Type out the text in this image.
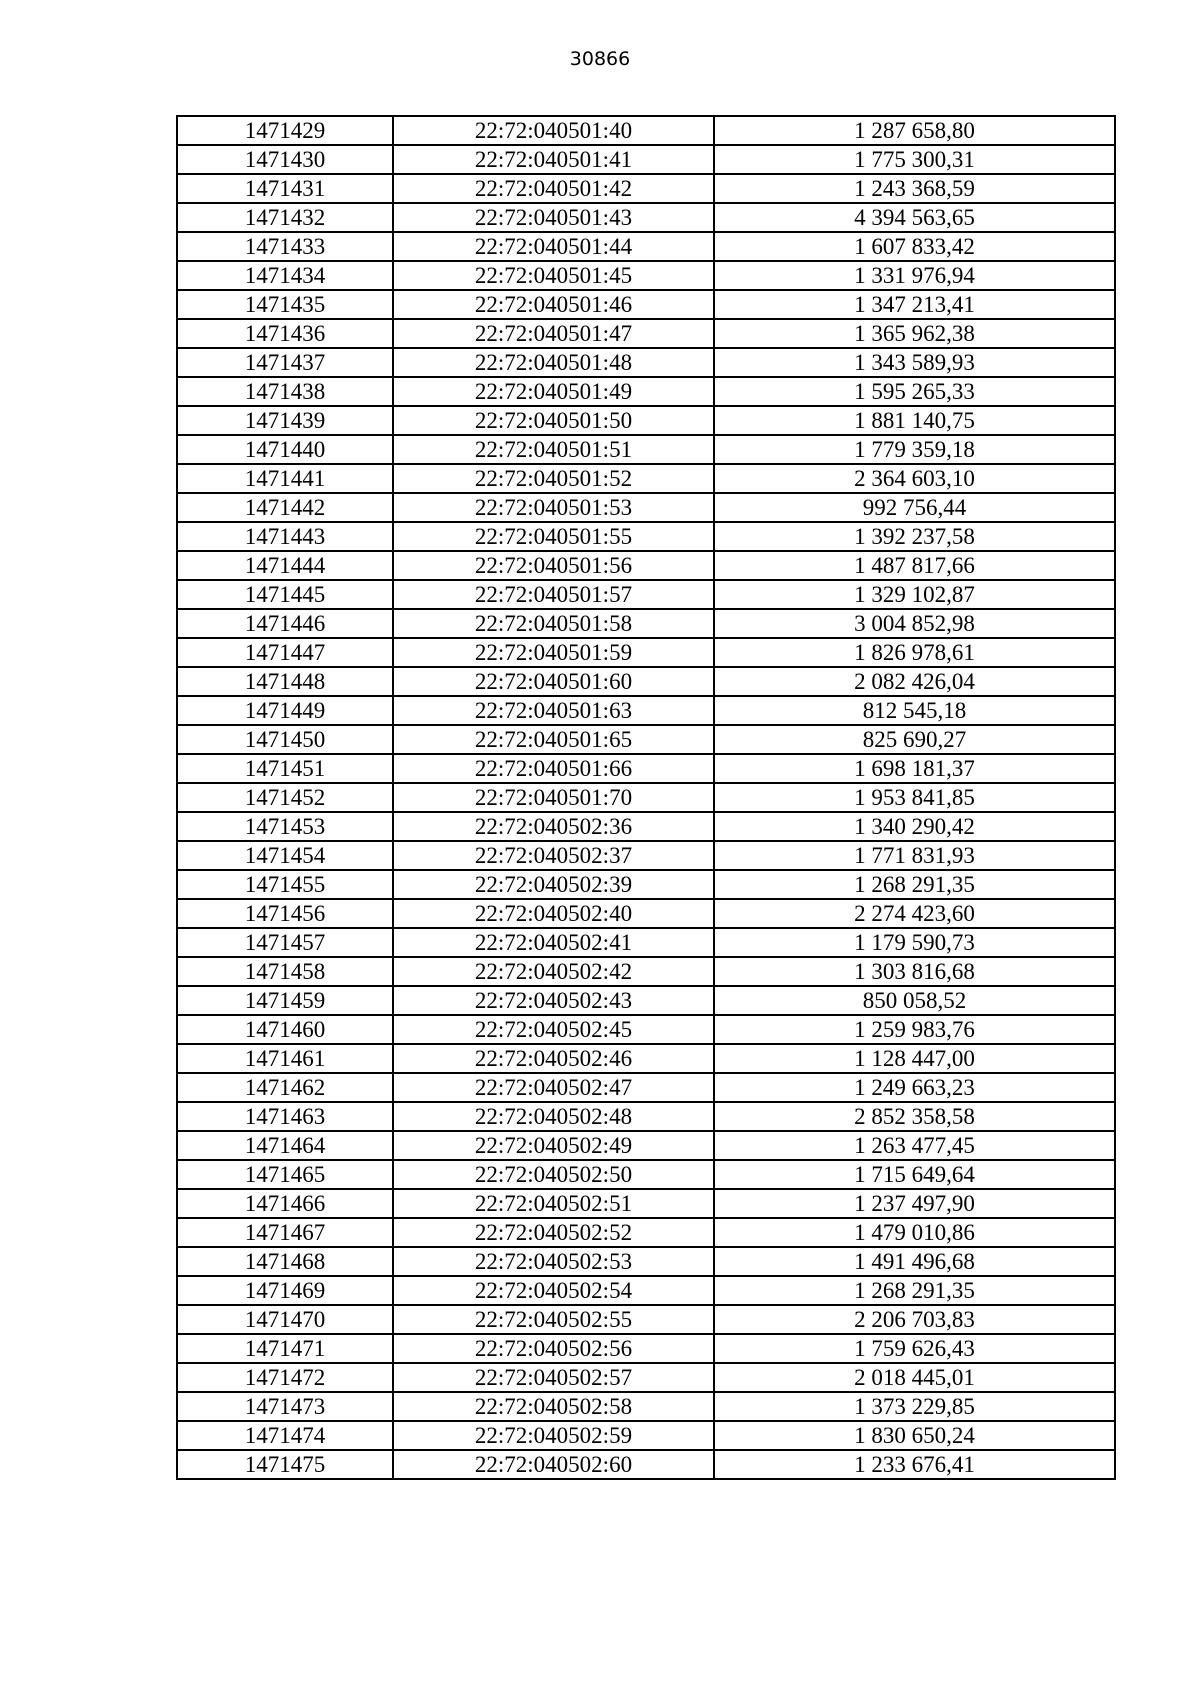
30866
1471429	22:72:040501:40	1 287 658,80
1471430	22:72:040501:41	1 775 300,31
1471431	22:72:040501:42	1 243 368,59
1471432	22:72:040501:43	4 394 563,65
1471433	22:72:040501:44	1 607 833,42
1471434	22:72:040501:45	1 331 976,94
1471435	22:72:040501:46	1 347 213,41
1471436	22:72:040501:47	1 365 962,38
1471437	22:72:040501:48	1 343 589,93
1471438	22:72:040501:49	1 595 265,33
1471439	22:72:040501:50	1 881 140,75
1471440	22:72:040501:51	1 779 359,18
1471441	22:72:040501:52	2 364 603,10
1471442	22:72:040501:53	992 756,44
1471443	22:72:040501:55	1 392 237,58
1471444	22:72:040501:56	1 487 817,66
1471445	22:72:040501:57	1 329 102,87
1471446	22:72:040501:58	3 004 852,98
1471447	22:72:040501:59	1 826 978,61
1471448	22:72:040501:60	2 082 426,04
1471449	22:72:040501:63	812 545,18
1471450	22:72:040501:65	825 690,27
1471451	22:72:040501:66	1 698 181,37
1471452	22:72:040501:70	1 953 841,85
1471453	22:72:040502:36	1 340 290,42
1471454	22:72:040502:37	1 771 831,93
1471455	22:72:040502:39	1 268 291,35
1471456	22:72:040502:40	2 274 423,60
1471457	22:72:040502:41	1 179 590,73
1471458	22:72:040502:42	1 303 816,68
1471459	22:72:040502:43	850 058,52
1471460	22:72:040502:45	1 259 983,76
1471461	22:72:040502:46	1 128 447,00
1471462	22:72:040502:47	1 249 663,23
1471463	22:72:040502:48	2 852 358,58
1471464	22:72:040502:49	1 263 477,45
1471465	22:72:040502:50	1 715 649,64
1471466	22:72:040502:51	1 237 497,90
1471467	22:72:040502:52	1 479 010,86
1471468	22:72:040502:53	1 491 496,68
1471469	22:72:040502:54	1 268 291,35
1471470	22:72:040502:55	2 206 703,83
1471471	22:72:040502:56	1 759 626,43
1471472	22:72:040502:57	2 018 445,01
1471473	22:72:040502:58	1 373 229,85
1471474	22:72:040502:59	1 830 650,24
1471475	22:72:040502:60	1 233 676,41
